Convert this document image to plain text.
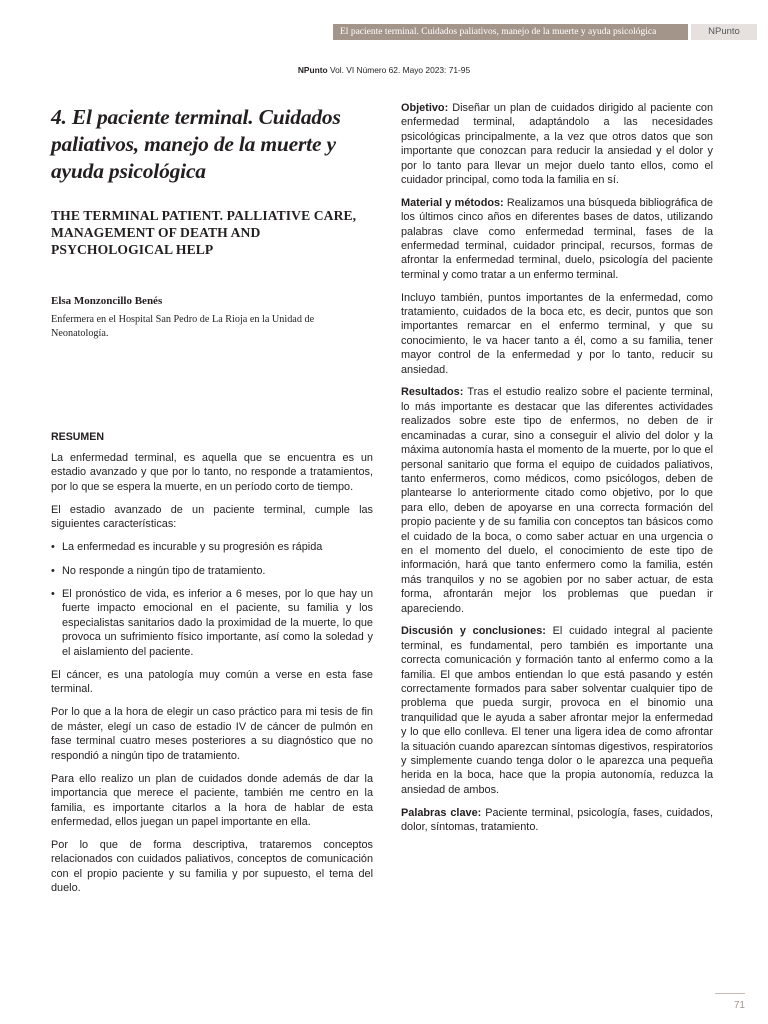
El paciente terminal. Cuidados paliativos, manejo de la muerte y ayuda psicológica	NPunto
NPunto Vol. VI Número 62. Mayo 2023: 71-95
4. El paciente terminal. Cuidados paliativos, manejo de la muerte y ayuda psicológica
THE TERMINAL PATIENT. PALLIATIVE CARE, MANAGEMENT OF DEATH AND PSYCHOLOGICAL HELP
Elsa Monzoncillo Benés
Enfermera en el Hospital San Pedro de La Rioja en la Unidad de Neonatología.
RESUMEN

La enfermedad terminal, es aquella que se encuentra es un estadio avanzado y que por lo tanto, no responde a tratamientos, por lo que se espera la muerte, en un período corto de tiempo.

El estadio avanzado de un paciente terminal, cumple las siguientes características:

• La enfermedad es incurable y su progresión es rápida
• No responde a ningún tipo de tratamiento.
• El pronóstico de vida, es inferior a 6 meses, por lo que hay un fuerte impacto emocional en el paciente, su familia y los especialistas sanitarios dado la proximidad de la muerte, lo que provoca un sufrimiento físico importante, así como la soledad y el aislamiento del paciente.

El cáncer, es una patología muy común a verse en esta fase terminal.

Por lo que a la hora de elegir un caso práctico para mi tesis de fin de máster, elegí un caso de estadio IV de cáncer de pulmón en fase terminal cuatro meses posteriores a su diagnóstico que no respondió a ningún tipo de tratamiento.

Para ello realizo un plan de cuidados donde además de dar la importancia que merece el paciente, también me centro en la familia, es importante citarlos a la hora de hablar de esta enfermedad, ellos juegan un papel importante en ella.

Por lo que de forma descriptiva, trataremos conceptos relacionados con cuidados paliativos, conceptos de comunicación con el propio paciente y su familia y por supuesto, el tema del duelo.

Objetivo: Diseñar un plan de cuidados dirigido al paciente con enfermedad terminal, adaptándolo a las necesidades psicológicas principalmente, a la vez que otros datos que son importante que conozcan para reducir la ansiedad y el dolor y por lo tanto para llevar un mejor duelo tanto ellos, como el cuidador principal, como toda la familia en sí.

Material y métodos: Realizamos una búsqueda bibliográfica de los últimos cinco años en diferentes bases de datos, utilizando palabras clave como enfermedad terminal, fases de la enfermedad terminal, cuidador principal, recursos, formas de afrontar la enfermedad terminal, duelo, psicología del paciente terminal y como tratar a un enfermo terminal.

Incluyo también, puntos importantes de la enfermedad, como tratamiento, cuidados de la boca etc, es decir, puntos que son importantes remarcar en el enfermo terminal, y que su conocimiento, le va hacer tanto a él, como a su familia, tener mayor control de la enfermedad y por lo tanto, reducir su ansiedad.

Resultados: Tras el estudio realizo sobre el paciente terminal, lo más importante es destacar que las diferentes actividades realizados sobre este tipo de enfermos, no deben de ir encaminadas a curar, sino a conseguir el alivio del dolor y la máxima autonomía hasta el momento de la muerte, por lo que el personal sanitario que forma el equipo de cuidados paliativos, tanto enfermeros, como médicos, como psicólogos, deben de plantearse lo anteriormente citado como objetivo, por lo que para ello, deben de apoyarse en una correcta formación del propio paciente y de su familia con conceptos tan básicos como el cuidado de la boca, o como saber actuar en una urgencia o en el momento del duelo, el conocimiento de este tipo de información, hará que tanto enfermero como la familia, estén más tranquilos y no se agobien por no saber actuar, de esta forma, afrontarán mejor los problemas que puedan ir apareciendo.

Discusión y conclusiones: El cuidado integral al paciente terminal, es fundamental, pero también es importante una correcta comunicación y formación tanto al enfermo como a la familia. El que ambos entiendan lo que está pasando y estén correctamente formados para saber solventar cualquier tipo de problema que pueda surgir, provoca en el binomio una tranquilidad que le ayuda a saber afrontar mejor la enfermedad y lo que ello conlleva. El tener una ligera idea de como afrontar la situación cuando aparezcan síntomas digestivos, respiratorios y simplemente cuando tenga dolor o le aparezca una pequeña herida en la boca, hace que la propia autonomía, reduzca la ansiedad de ambos.

Palabras clave: Paciente terminal, psicología, fases, cuidados, dolor, síntomas, tratamiento.

71
